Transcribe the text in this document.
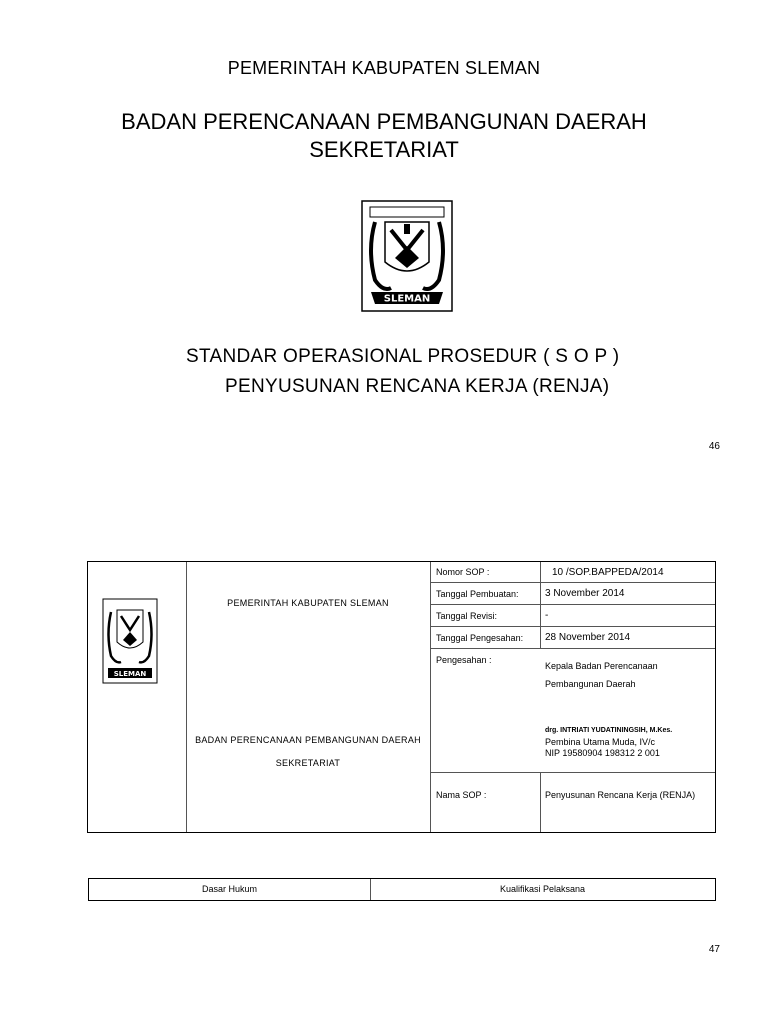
PEMERINTAH KABUPATEN SLEMAN
BADAN PERENCANAAN PEMBANGUNAN DAERAH
SEKRETARIAT
SLEMAN
STANDAR OPERASIONAL PROSEDUR ( S O P )
PENYUSUNAN RENCANA KERJA (RENJA)
46
SLEMAN
PEMERINTAH KABUPATEN SLEMAN
BADAN PERENCANAAN PEMBANGUNAN DAERAH
SEKRETARIAT
Nomor SOP :	10 /SOP.BAPPEDA/2014
Tanggal Pembuatan:	3 November 2014
Tanggal Revisi:	-
Tanggal Pengesahan: 28 November 2014
Pengesahan :
Kepala Badan Perencanaan
Pembangunan Daerah
drg. INTRIATI YUDATININGSIH, M.Kes.
Pembina Utama Muda, IV/c
NIP 19580904 198312 2 001
Nama SOP :	Penyusunan Rencana Kerja (RENJA)
Dasar Hukum	Kualifikasi Pelaksana
47
